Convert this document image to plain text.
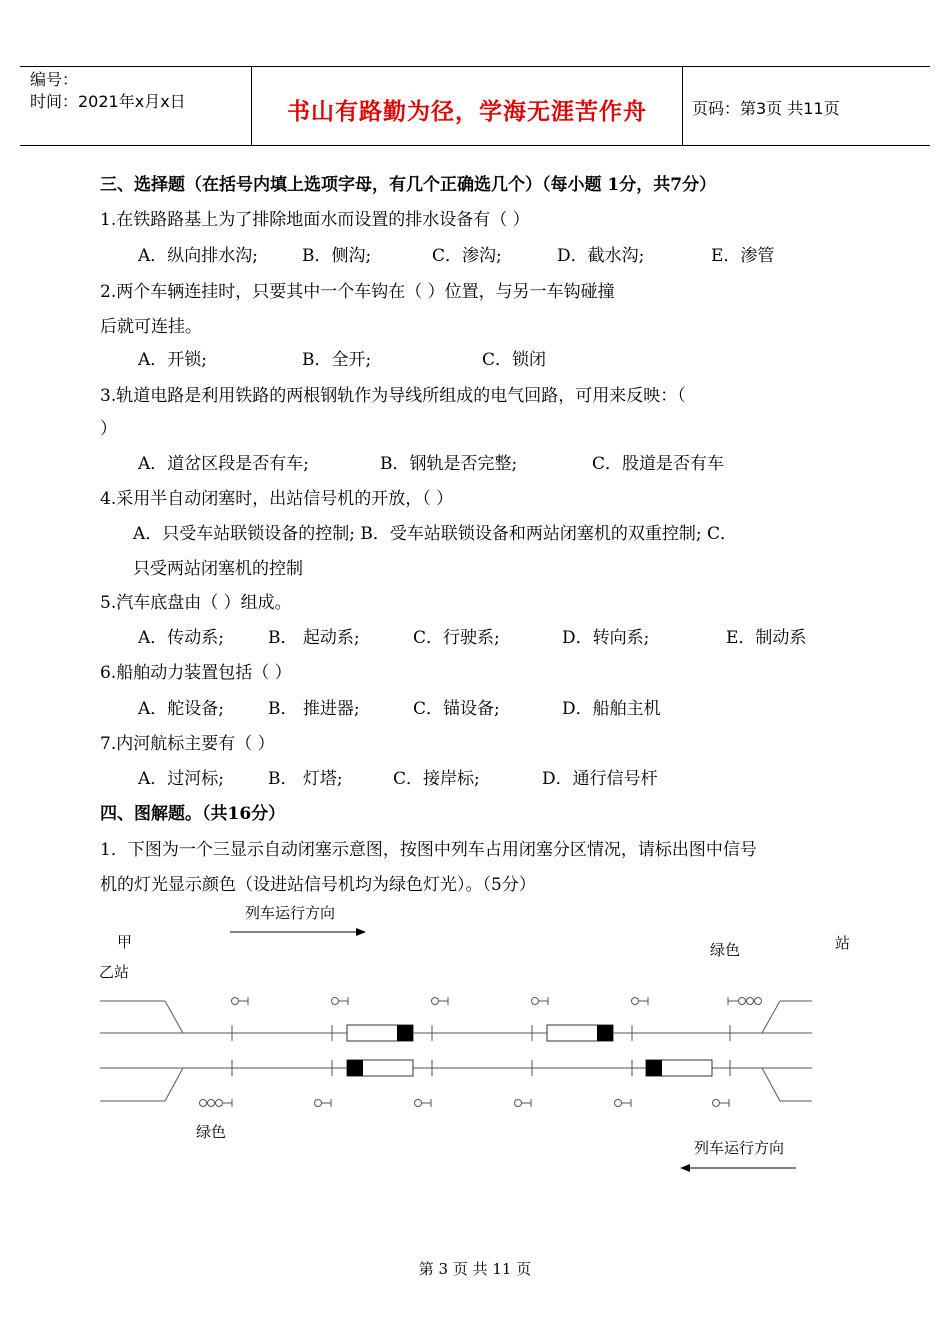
编号：
时间：2021年x月x日	书山有路勤为径，学海无涯苦作舟	页码：第3页 共11页
三、选择题（在括号内填上选项字母，有几个正确选几个）（每小题 1分，共7分）
1.在铁路路基上为了排除地面水而设置的排水设备有（ ）
A．纵向排水沟;	B．侧沟;	C．渗沟;	D．截水沟;	E．渗管
2.两个车辆连挂时，只要其中一个车钩在（ ）位置，与另一车钩碰撞
后就可连挂。
A．开锁;	B．全开;	C．锁闭
3.轨道电路是利用铁路的两根钢轨作为导线所组成的电气回路，可用来反映：（
）
A．道岔区段是否有车;	B．钢轨是否完整;	C．股道是否有车
4.采用半自动闭塞时，出站信号机的开放，（ ）
A．只受车站联锁设备的控制; B．受车站联锁设备和两站闭塞机的双重控制; C．
只受两站闭塞机的控制
5.汽车底盘由（ ）组成。
A．传动系;	B． 起动系;	C．行驶系;	D．转向系;	E．制动系
6.船舶动力装置包括（ ）
A．舵设备;	B． 推进器;	C．锚设备;	D．船舶主机
7.内河航标主要有（ ）
A．过河标;	B． 灯塔;	C．接岸标;	D．通行信号杆
四、图解题。（共16分）
1．下图为一个三显示自动闭塞示意图，按图中列车占用闭塞分区情况，请标出图中信号
机的灯光显示颜色（设进站信号机均为绿色灯光）。（5分）
列车运行方向
甲
乙站
绿色	站
绿色
列车运行方向
第 3 页 共 11 页
